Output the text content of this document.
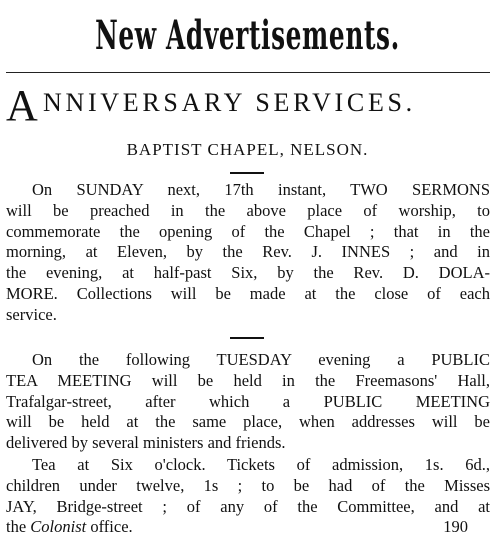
New Advertisements.
A NNIVERSARY SERVICES.
BAPTIST CHAPEL, NELSON.
On SUNDAY next, 17th instant, TWO SERMONS
will be preached in the above place of worship, to
commemorate the opening of the Chapel ; that in the
morning, at Eleven, by the Rev. J. INNES ; and in
the evening, at half-past Six, by the Rev. D. DOLA-
MORE. Collections will be made at the close of each
service.
On the following TUESDAY evening a PUBLIC
TEA MEETING will be held in the Freemasons' Hall,
Trafalgar-street, after which a PUBLIC MEETING
will be held at the same place, when addresses will be
delivered by several ministers and friends.
Tea at Six o'clock. Tickets of admission, 1s. 6d.,
children under twelve, 1s ; to be had of the Misses
JAY, Bridge-street ; of any of the Committee, and at
the Colonist office.	190
